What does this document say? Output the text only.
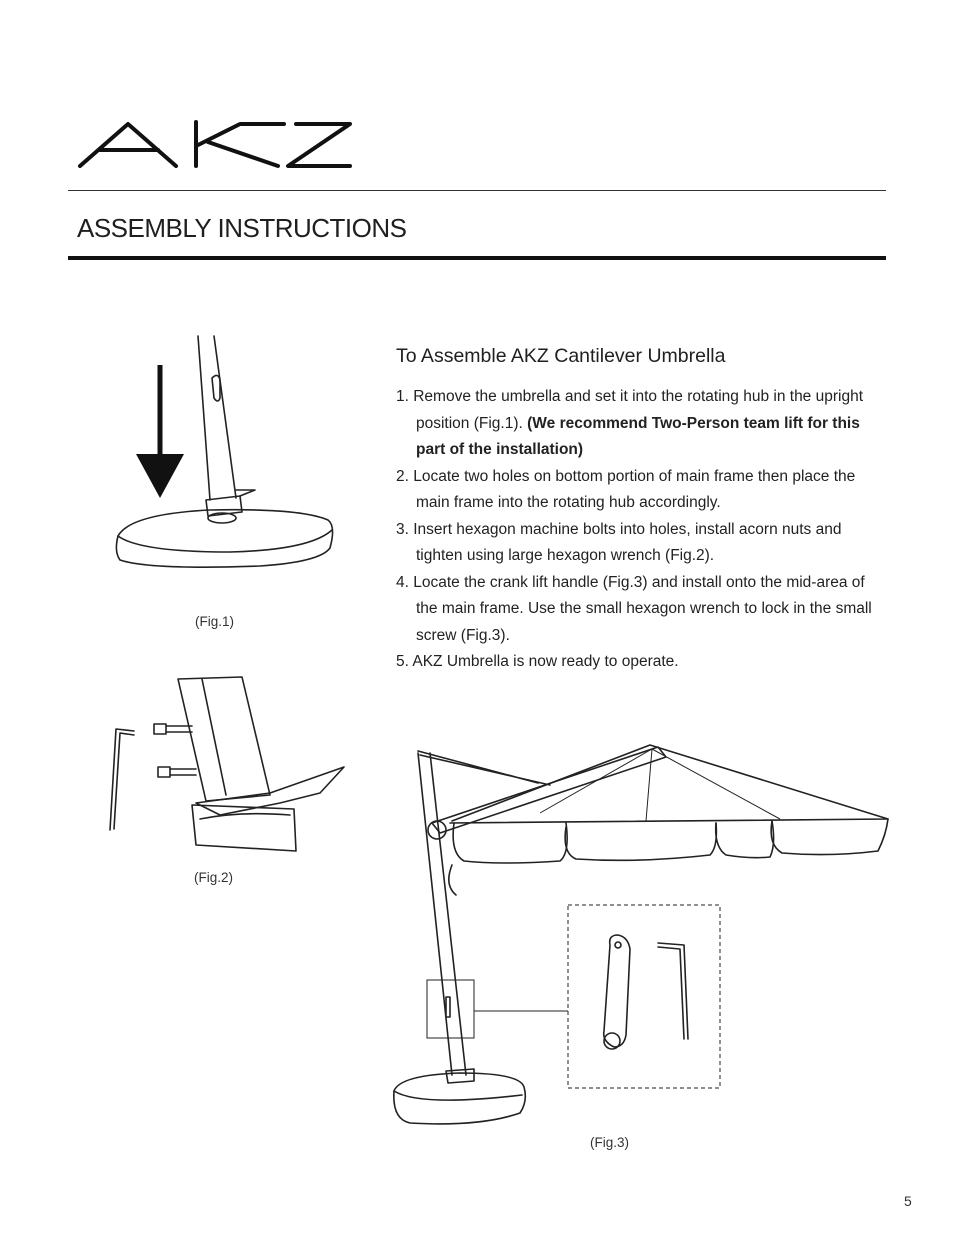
ASSEMBLY INSTRUCTIONS
(Fig.1)
(Fig.2)
To Assemble AKZ Cantilever Umbrella
1. Remove the umbrella and set it into the rotating hub in the upright position (Fig.1). (We recommend Two-Person team lift for this part of the installation)
2. Locate two holes on bottom portion of main frame then place the main frame into the rotating hub accordingly.
3. Insert hexagon machine bolts into holes, install acorn nuts and tighten using large hexagon wrench (Fig.2).
4. Locate the crank lift handle (Fig.3) and install onto the mid-area of the main frame. Use the small hexagon wrench to lock in the small screw (Fig.3).
5. AKZ Umbrella is now ready to operate.
(Fig.3)
5
